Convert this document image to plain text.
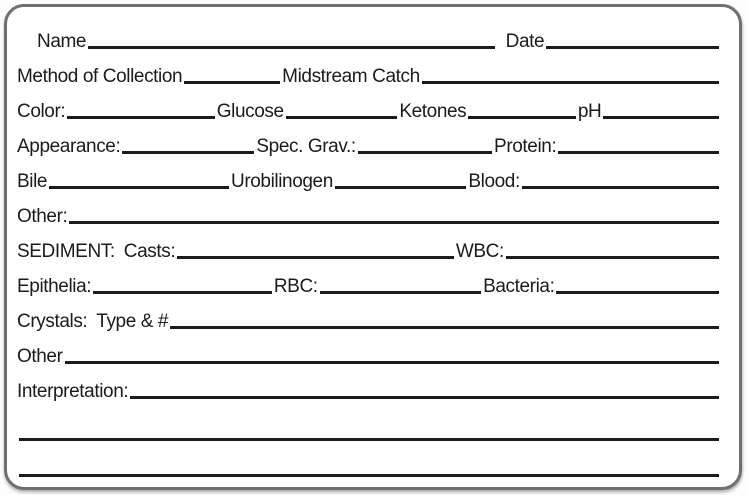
Name	Date
Method of Collection	Midstream Catch
Color:	Glucose	Ketones	pH
Appearance:	Spec. Grav.:	Protein:
Bile	Urobilinogen	Blood:
Other:
SEDIMENT: Casts:	WBC:
Epithelia:	RBC:	Bacteria:
Crystals: Type & #
Other
Interpretation:
